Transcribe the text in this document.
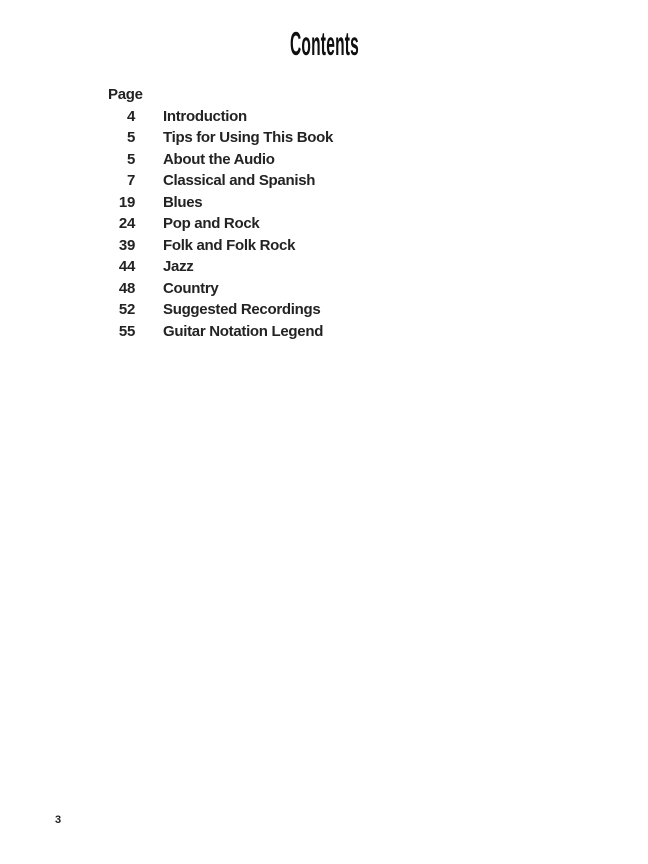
Contents
Page
4 Introduction
5 Tips for Using This Book
5 About the Audio
7 Classical and Spanish
19 Blues
24 Pop and Rock
39 Folk and Folk Rock
44 Jazz
48 Country
52 Suggested Recordings
55 Guitar Notation Legend
3
